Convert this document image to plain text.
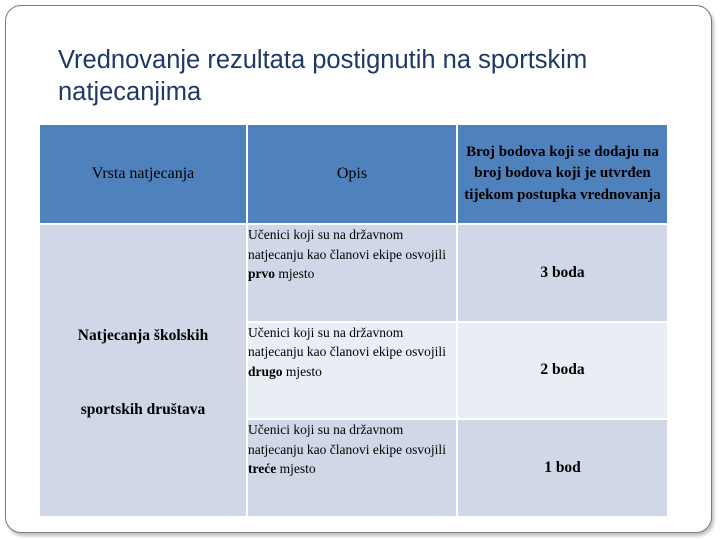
Vrednovanje rezultata postignutih na sportskim natjecanjima
Vrsta natjecanja	Opis	Broj bodova koji se dodaju na broj bodova koji je utvrđen tijekom postupka vrednovanja

Natjecanja školskih
sportskih društava	Učenici koji su na državnom natjecanju kao članovi ekipe osvojili prvo mjesto	3 boda
	Učenici koji su na državnom natjecanju kao članovi ekipe osvojili drugo mjesto	2 boda
	Učenici koji su na državnom natjecanju kao članovi ekipe osvojili treće mjesto	1 bod
